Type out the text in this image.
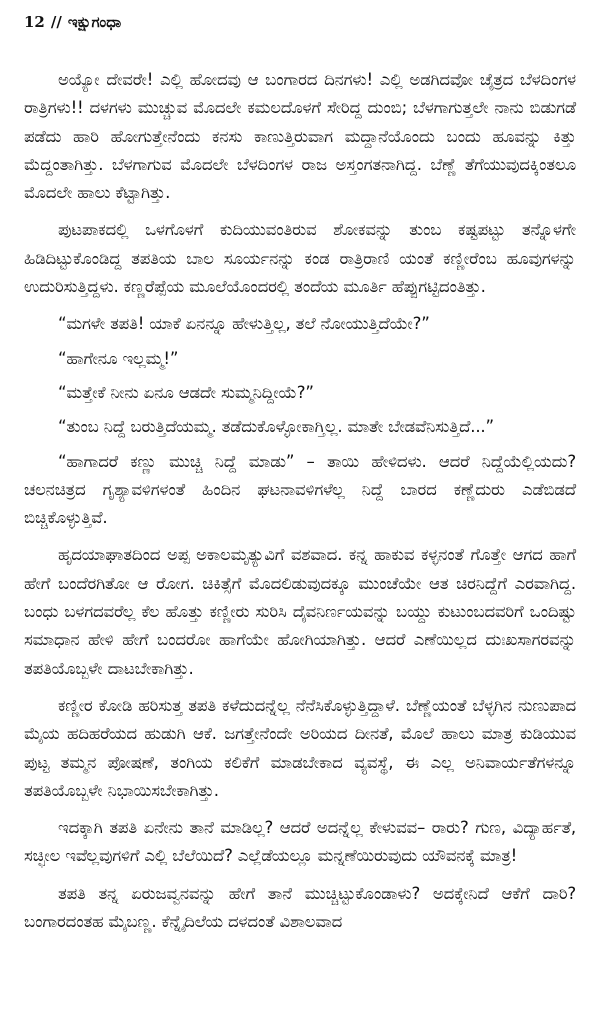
12 // ಇಕ್ಷುಗಂಧಾ

ಅಯ್ಯೋ ದೇವರೇ! ಎಲ್ಲಿ ಹೋದವು ಆ ಬಂಗಾರದ ದಿನಗಳು! ಎಲ್ಲಿ ಅಡಗಿದವೋ ಚೈತ್ರದ ಬೆಳದಿಂಗಳ ರಾತ್ರಿಗಳು!! ದಳಗಳು ಮುಚ್ಚುವ ಮೊದಲೇ ಕಮಲದೊಳಗೆ ಸೇರಿದ್ದ ದುಂಬಿ; ಬೆಳಗಾಗುತ್ತಲೇ ನಾನು ಬಿಡುಗಡೆ ಪಡೆದು ಹಾರಿ ಹೋಗುತ್ತೇನೆಂದು ಕನಸು ಕಾಣುತ್ತಿರುವಾಗ ಮದ್ದಾನೆಯೊಂದು ಬಂದು ಹೂವನ್ನು ಕಿತ್ತು ಮೆದ್ದಂತಾಗಿತ್ತು. ಬೆಳಗಾಗುವ ಮೊದಲೇ ಬೆಳದಿಂಗಳ ರಾಜ ಅಸ್ತಂಗತನಾಗಿದ್ದ. ಬೆಣ್ಣೆ ತೆಗೆಯುವುದಕ್ಕಿಂತಲೂ ಮೊದಲೇ ಹಾಲು ಕೆಟ್ಟಾಗಿತ್ತು.

ಪುಟಪಾಕದಲ್ಲಿ ಒಳಗೊಳಗೆ ಕುದಿಯುವಂತಿರುವ ಶೋಕವನ್ನು ತುಂಬ ಕಷ್ಟಪಟ್ಟು ತನ್ನೊಳಗೇ ಹಿಡಿದಿಟ್ಟುಕೊಂಡಿದ್ದ ತಪತಿಯ ಬಾಲ ಸೂರ್ಯನನ್ನು ಕಂಡ ರಾತ್ರಿರಾಣಿ ಯಂತೆ ಕಣ್ಣೀರೆಂಬ ಹೂವುಗಳನ್ನು ಉದುರಿಸುತ್ತಿದ್ದಳು. ಕಣ್ಣರೆಪ್ಪೆಯ ಮೂಲೆಯೊಂದರಲ್ಲಿ ತಂದೆಯ ಮೂರ್ತಿ ಹೆಪ್ಪುಗಟ್ಟಿದಂತಿತ್ತು.

“ಮಗಳೇ ತಪತಿ! ಯಾಕೆ ಏನನ್ನೂ ಹೇಳುತ್ತಿಲ್ಲ, ತಲೆ ನೋಯುತ್ತಿದೆಯೇ?”

“ಹಾಗೇನೂ ಇಲ್ಲಮ್ಮ!”

“ಮತ್ತೇಕೆ ನೀನು ಏನೂ ಆಡದೇ ಸುಮ್ಮನಿದ್ದೀಯೆ?”

“ತುಂಬ ನಿದ್ದೆ ಬರುತ್ತಿದೆಯಮ್ಮ. ತಡೆದುಕೊಳ್ಳೋಕಾಗ್ತಿಲ್ಲ. ಮಾತೇ ಬೇಡವೆನಿಸುತ್ತಿದೆ...”

“ಹಾಗಾದರೆ ಕಣ್ಣು ಮುಚ್ಚಿ ನಿದ್ದೆ ಮಾಡು” – ತಾಯಿ ಹೇಳಿದಳು. ಆದರೆ ನಿದ್ದೆಯೆಲ್ಲಿಯದು? ಚಲನಚಿತ್ರದ ಗೃಶ್ಯಾವಳಿಗಳಂತೆ ಹಿಂದಿನ ಘಟನಾವಳಿಗಳೆಲ್ಲ ನಿದ್ದೆ ಬಾರದ ಕಣ್ಣೆದುರು ಎಡೆಬಿಡದೆ ಬಿಚ್ಚಿಕೊಳ್ಳುತ್ತಿವೆ.

ಹೃದಯಾಘಾತದಿಂದ ಅಪ್ಪ ಅಕಾಲಮೃತ್ಯುವಿಗೆ ವಶವಾದ. ಕನ್ನ ಹಾಕುವ ಕಳ್ಳನಂತೆ ಗೊತ್ತೇ ಆಗದ ಹಾಗೆ ಹೇಗೆ ಬಂದೆರಗಿತೋ ಆ ರೋಗ. ಚಿಕಿತ್ಸೆಗೆ ಮೊದಲಿಡುವುದಕ್ಕೂ ಮುಂಚೆಯೇ ಆತ ಚಿರನಿದ್ದೆಗೆ ಎರವಾಗಿದ್ದ. ಬಂಧು ಬಳಗದವರೆಲ್ಲ ಕೆಲ ಹೊತ್ತು ಕಣ್ಣೀರು ಸುರಿಸಿ ದೈವನಿರ್ಣಯವನ್ನು ಬಯ್ದು ಕುಟುಂಬದವರಿಗೆ ಒಂದಿಷ್ಟು ಸಮಾಧಾನ ಹೇಳಿ ಹೇಗೆ ಬಂದರೋ ಹಾಗೆಯೇ ಹೋಗಿಯಾಗಿತ್ತು. ಆದರೆ ಎಣೆಯಿಲ್ಲದ ದುಃಖಸಾಗರವನ್ನು ತಪತಿಯೊಬ್ಬಳೇ ದಾಟಬೇಕಾಗಿತ್ತು.

ಕಣ್ಣೀರ ಕೋಡಿ ಹರಿಸುತ್ತ ತಪತಿ ಕಳೆದುದನ್ನೆಲ್ಲ ನೆನೆಸಿಕೊಳ್ಳುತ್ತಿದ್ದಾಳೆ. ಬೆಣ್ಣೆಯಂತೆ ಬೆಳ್ಳಗಿನ ನುಣುಪಾದ ಮೈಯ ಹದಿಹರೆಯದ ಹುಡುಗಿ ಆಕೆ. ಜಗತ್ತೇನೆಂದೇ ಅರಿಯದ ದೀನತೆ, ಮೊಲೆ ಹಾಲು ಮಾತ್ರ ಕುಡಿಯುವ ಪುಟ್ಟ ತಮ್ಮನ ಪೋಷಣೆ, ತಂಗಿಯ ಕಲಿಕೆಗೆ ಮಾಡಬೇಕಾದ ವ್ಯವಸ್ಥೆ, ಈ ಎಲ್ಲ ಅನಿವಾರ್ಯತೆಗಳನ್ನೂ ತಪತಿಯೊಬ್ಬಳೇ ನಿಭಾಯಿಸಬೇಕಾಗಿತ್ತು.

ಇದಕ್ಕಾಗಿ ತಪತಿ ಏನೇನು ತಾನೆ ಮಾಡಿಲ್ಲ? ಆದರೆ ಅದನ್ನೆಲ್ಲ ಕೇಳುವವ– ರಾರು? ಗುಣ, ವಿದ್ಯಾರ್ಹತೆ, ಸಚ್ಛೀಲ ಇವೆಲ್ಲವುಗಳಿಗೆ ಎಲ್ಲಿ ಬೆಲೆಯಿದೆ? ಎಲ್ಲೆಡೆಯಲ್ಲೂ ಮನ್ನಣೆಯಿರುವುದು ಯೌವನಕ್ಕೆ ಮಾತ್ರ!

ತಪತಿ ತನ್ನ ಏರುಜವ್ವನವನ್ನು ಹೇಗೆ ತಾನೆ ಮುಚ್ಚಿಟ್ಟುಕೊಂಡಾಳು? ಅದಕ್ಕೇನಿದೆ ಆಕೆಗೆ ದಾರಿ? ಬಂಗಾರದಂತಹ ಮೈಬಣ್ಣ. ಕೆನ್ನೈದಿಲೆಯ ದಳದಂತೆ ವಿಶಾಲವಾದ
